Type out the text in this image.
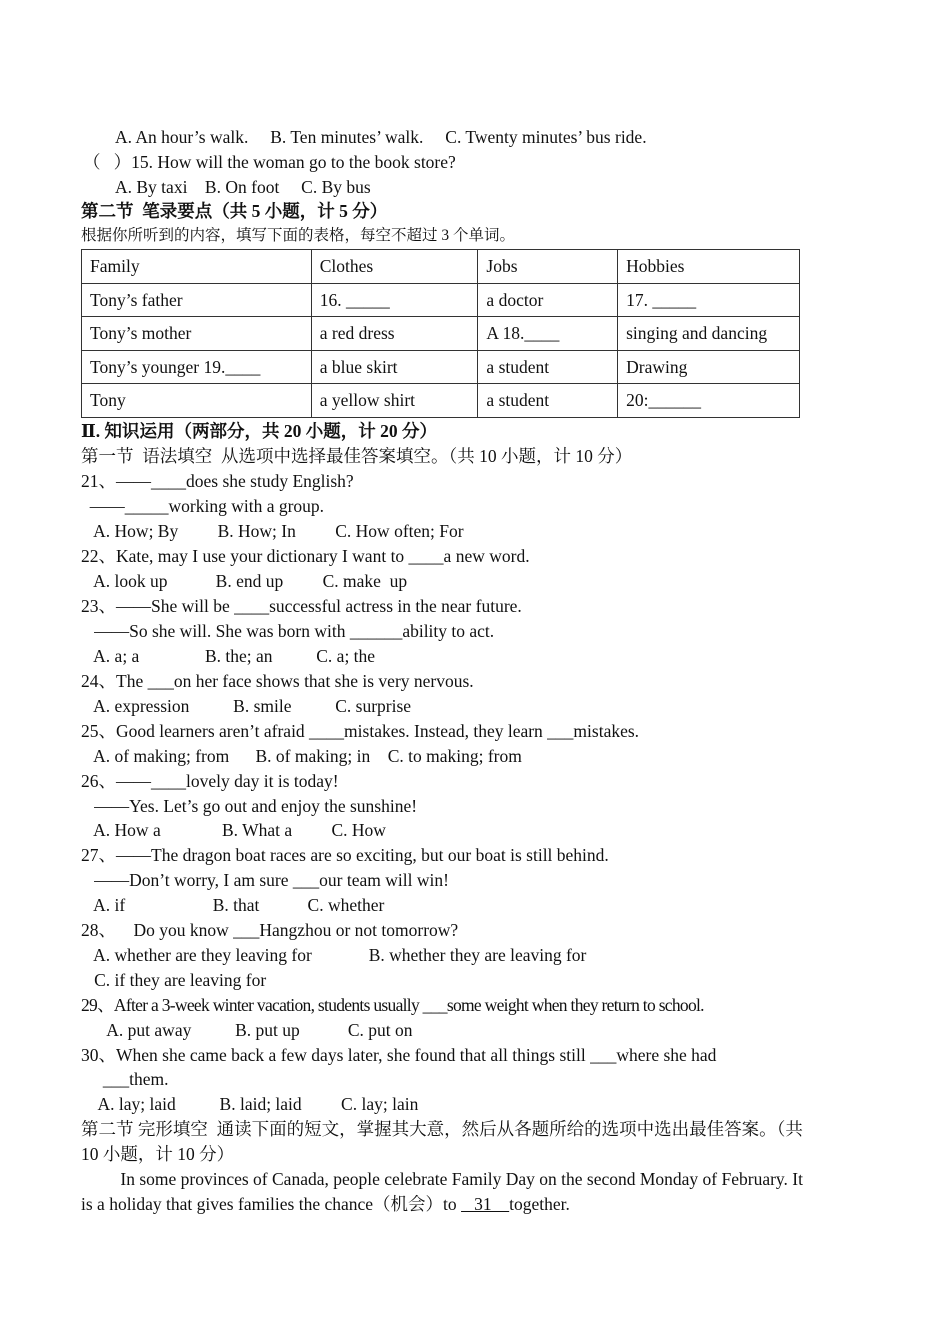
A. An hour’s walk.     B. Ten minutes’ walk.     C. Twenty minutes’ bus ride.
（   ）15. How will the woman go to the book store?
A. By taxi    B. On foot     C. By bus
第二节  笔录要点（共 5 小题，计 5 分）
根据你所听到的内容，填写下面的表格，每空不超过 3 个单词。
Family	Clothes	Jobs	Hobbies
Tony’s father	16. _____	a doctor	17. _____
Tony’s mother	a red dress	A 18.____	singing and dancing
Tony’s younger 19.____	a blue skirt	a student	Drawing
Tony	a yellow shirt	a student	20:______
Ⅱ. 知识运用（两部分，共 20 小题，计 20 分）
第一节  语法填空  从选项中选择最佳答案填空。（共 10 小题，计 10 分）
21、——____does she study English?
——_____working with a group.
A. How; By         B. How; In         C. How often; For
22、Kate, may I use your dictionary I want to ____a new word.
A. look up           B. end up         C. make  up
23、——She will be ____successful actress in the near future.
——So she will. She was born with ______ability to act.
A. a; a               B. the; an          C. a; the
24、The ___on her face shows that she is very nervous.
A. expression          B. smile          C. surprise
25、Good learners aren’t afraid ____mistakes. Instead, they learn ___mistakes.
A. of making; from      B. of making; in    C. to making; from
26、——____lovely day it is today!
——Yes. Let’s go out and enjoy the sunshine!
A. How a              B. What a         C. How
27、——The dragon boat races are so exciting, but our boat is still behind.
——Don’t worry, I am sure ___our team will win!
A. if                    B. that           C. whether
28、    Do you know ___Hangzhou or not tomorrow?
A. whether are they leaving for             B. whether they are leaving for
C. if they are leaving for
29、After a 3-week winter vacation, students usually ___some weight when they return to school.
A. put away          B. put up           C. put on
30、When she came back a few days later, she found that all things still ___where she had
___them.
A. lay; laid          B. laid; laid         C. lay; lain
第二节 完形填空  通读下面的短文，掌握其大意，然后从各题所给的选项中选出最佳答案。（共
10 小题，计 10 分）
In some provinces of Canada, people celebrate Family Day on the second Monday of February. It
is a holiday that gives families the chance（机会）to    31    together.
